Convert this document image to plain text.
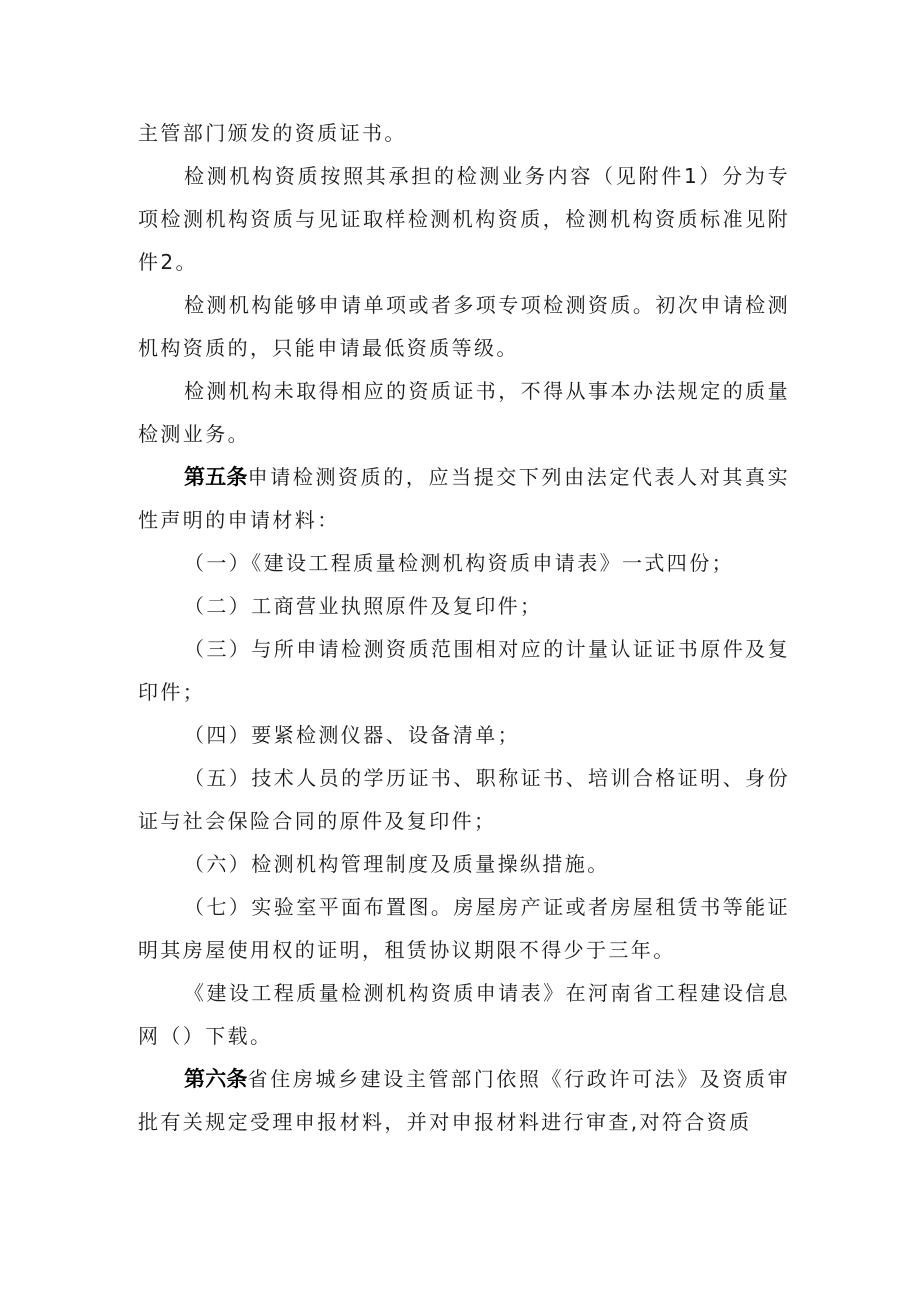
主管部门颁发的资质证书。

检测机构资质按照其承担的检测业务内容（见附件1）分为专项检测机构资质与见证取样检测机构资质，检测机构资质标准见附件2。

检测机构能够申请单项或者多项专项检测资质。初次申请检测机构资质的，只能申请最低资质等级。

检测机构未取得相应的资质证书，不得从事本办法规定的质量检测业务。

第五条申请检测资质的，应当提交下列由法定代表人对其真实性声明的申请材料：

（一）《建设工程质量检测机构资质申请表》一式四份；

（二）工商营业执照原件及复印件；

（三）与所申请检测资质范围相对应的计量认证证书原件及复印件；

（四）要紧检测仪器、设备清单；

（五）技术人员的学历证书、职称证书、培训合格证明、身份证与社会保险合同的原件及复印件；

（六）检测机构管理制度及质量操纵措施。

（七）实验室平面布置图。房屋房产证或者房屋租赁书等能证明其房屋使用权的证明，租赁协议期限不得少于三年。

《建设工程质量检测机构资质申请表》在河南省工程建设信息网（）下载。

第六条省住房城乡建设主管部门依照《行政许可法》及资质审批有关规定受理申报材料，并对申报材料进行审查,对符合资质
